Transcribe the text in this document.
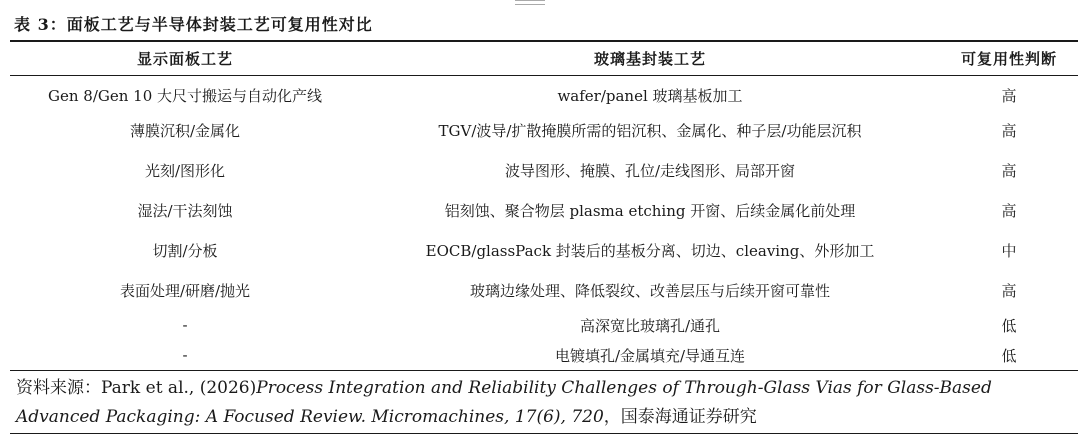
表 3：面板工艺与半导体封装工艺可复用性对比
显示面板工艺	玻璃基封装工艺	可复用性判断

Gen 8/Gen 10 大尺寸搬运与自动化产线	wafer/panel 玻璃基板加工	高
薄膜沉积/金属化	TGV/波导/扩散掩膜所需的铝沉积、金属化、种子层/功能层沉积	高
光刻/图形化	波导图形、掩膜、孔位/走线图形、局部开窗	高
湿法/干法刻蚀	铝刻蚀、聚合物层 plasma etching 开窗、后续金属化前处理	高
切割/分板	EOCB/glassPack 封装后的基板分离、切边、cleaving、外形加工	中
表面处理/研磨/抛光	玻璃边缘处理、降低裂纹、改善层压与后续开窗可靠性	高
-	高深宽比玻璃孔/通孔	低
-	电镀填孔/金属填充/导通互连	低
资料来源：Park et al., (2026)Process Integration and Reliability Challenges of Through-Glass Vias for Glass-Based Advanced Packaging: A Focused Review. Micromachines, 17(6), 720，国泰海通证券研究
